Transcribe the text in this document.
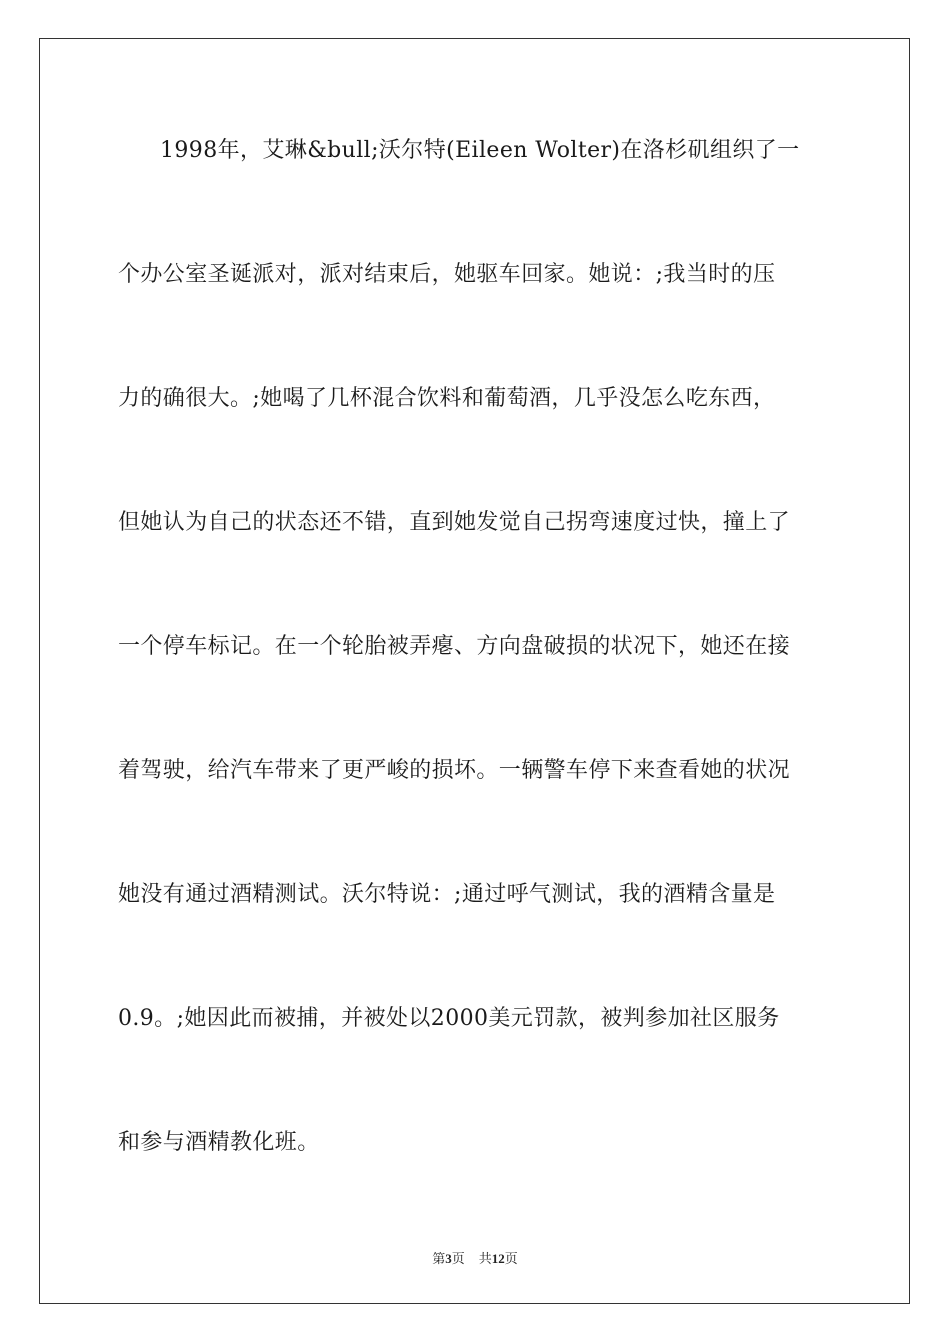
1998年，艾琳&bull;沃尔特(Eileen Wolter)在洛杉矶组织了一
个办公室圣诞派对，派对结束后，她驱车回家。她说：;我当时的压
力的确很大。;她喝了几杯混合饮料和葡萄酒，几乎没怎么吃东西，
但她认为自己的状态还不错，直到她发觉自己拐弯速度过快，撞上了
一个停车标记。在一个轮胎被弄瘪、方向盘破损的状况下，她还在接
着驾驶，给汽车带来了更严峻的损坏。一辆警车停下来查看她的状况
她没有通过酒精测试。沃尔特说：;通过呼气测试，我的酒精含量是
0.9。;她因此而被捕，并被处以2000美元罚款，被判参加社区服务
和参与酒精教化班。
第3页 共12页
